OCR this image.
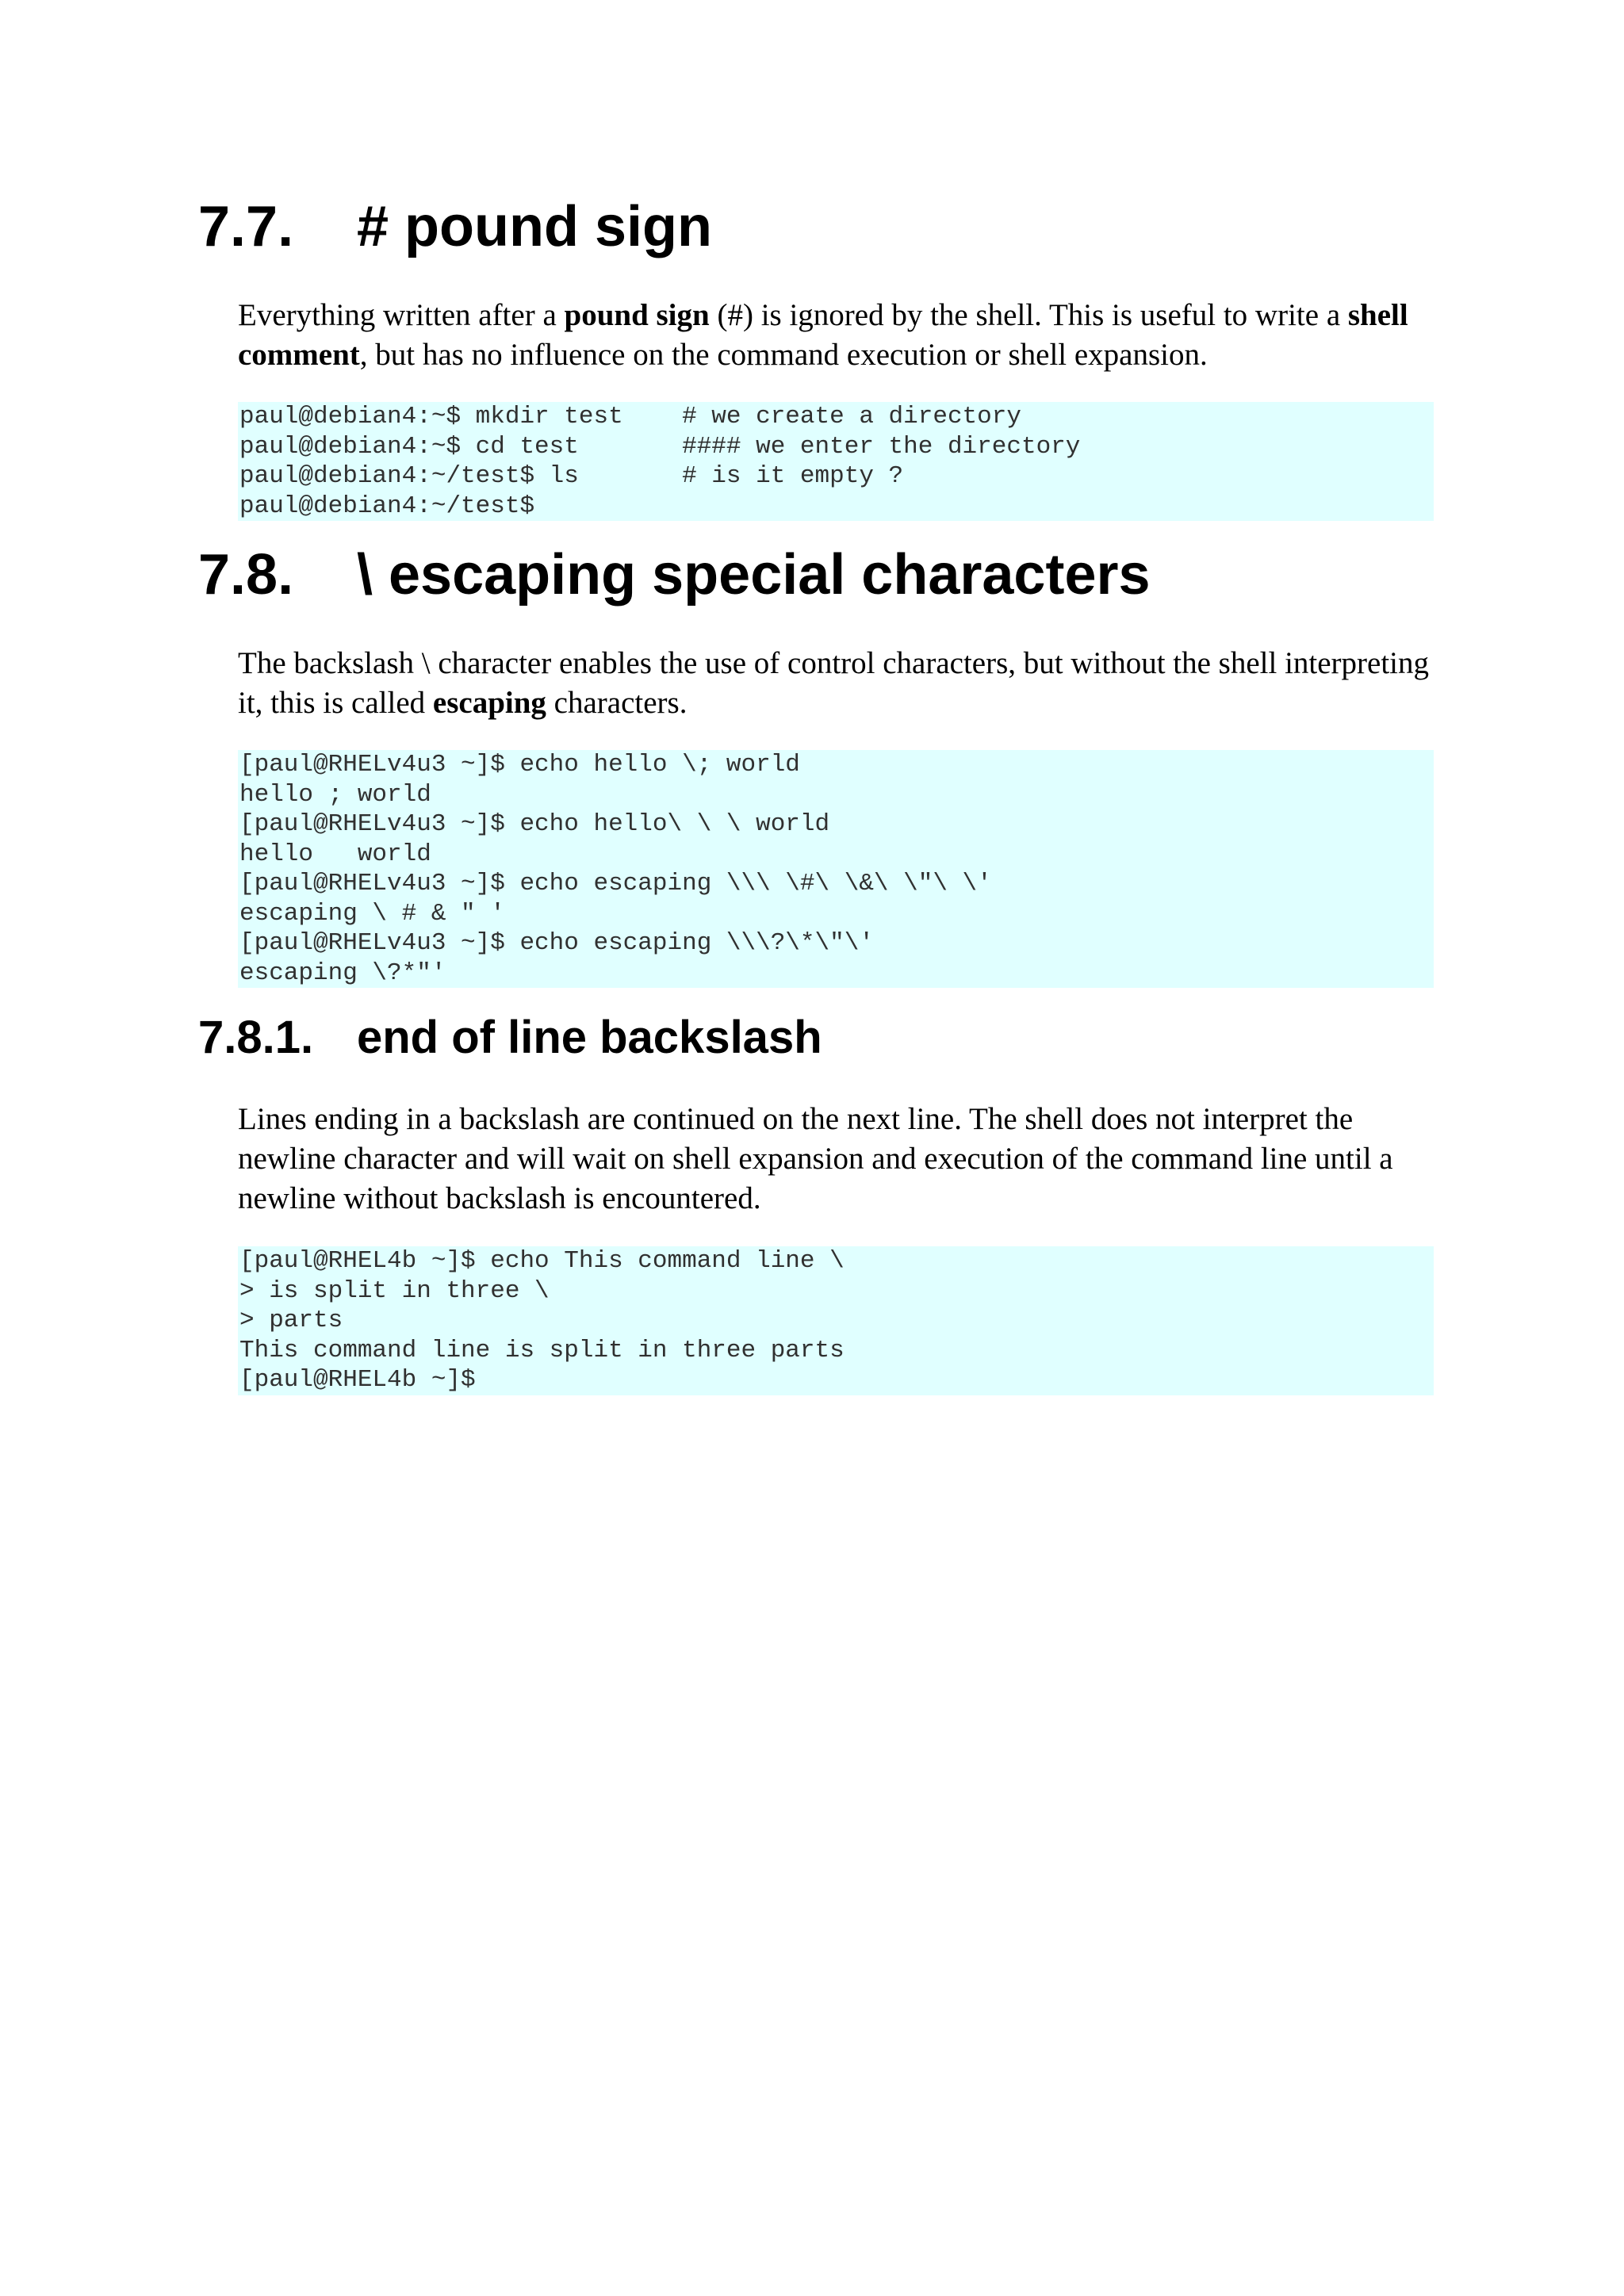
7.7. # pound sign

Everything written after a pound sign (#) is ignored by the shell. This is useful to write a shell comment, but has no influence on the command execution or shell expansion.

paul@debian4:~$ mkdir test    # we create a directory
paul@debian4:~$ cd test       #### we enter the directory
paul@debian4:~/test$ ls       # is it empty ?
paul@debian4:~/test$
7.8. \ escaping special characters

The backslash \ character enables the use of control characters, but without the shell interpreting it, this is called escaping characters.

[paul@RHELv4u3 ~]$ echo hello \; world
hello ; world
[paul@RHELv4u3 ~]$ echo hello\ \ \ world
hello   world
[paul@RHELv4u3 ~]$ echo escaping \\\ \#\ \&\ \"\ \'
escaping \ # & " '
[paul@RHELv4u3 ~]$ echo escaping \\\?\*\"\'
escaping \?*"'
7.8.1. end of line backslash

Lines ending in a backslash are continued on the next line. The shell does not interpret the newline character and will wait on shell expansion and execution of the command line until a newline without backslash is encountered.

[paul@RHEL4b ~]$ echo This command line \
> is split in three \
> parts
This command line is split in three parts
[paul@RHEL4b ~]$
